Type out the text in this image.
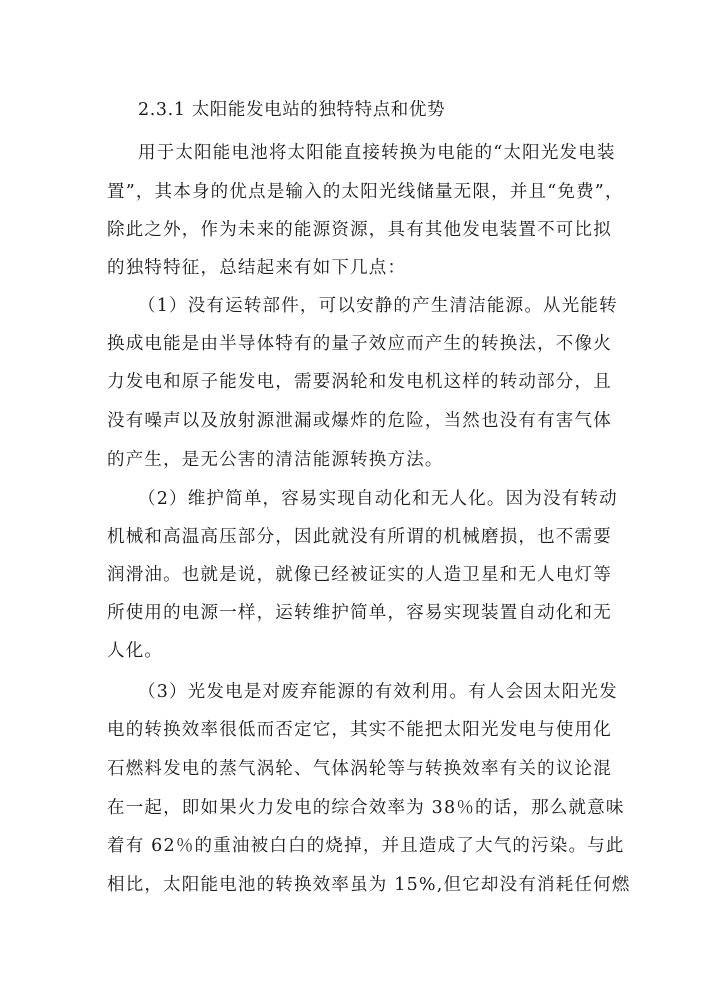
2.3.1 太阳能发电站的独特特点和优势
用于太阳能电池将太阳能直接转换为电能的“太阳光发电装
置”，其本身的优点是输入的太阳光线储量无限，并且“免费”，
除此之外，作为未来的能源资源，具有其他发电装置不可比拟
的独特特征，总结起来有如下几点：
（1）没有运转部件，可以安静的产生清洁能源。从光能转
换成电能是由半导体特有的量子效应而产生的转换法，不像火
力发电和原子能发电，需要涡轮和发电机这样的转动部分，且
没有噪声以及放射源泄漏或爆炸的危险，当然也没有有害气体
的产生，是无公害的清洁能源转换方法。
（2）维护简单，容易实现自动化和无人化。因为没有转动
机械和高温高压部分，因此就没有所谓的机械磨损，也不需要
润滑油。也就是说，就像已经被证实的人造卫星和无人电灯等
所使用的电源一样，运转维护简单，容易实现装置自动化和无
人化。
（3）光发电是对废弃能源的有效利用。有人会因太阳光发
电的转换效率很低而否定它，其实不能把太阳光发电与使用化
石燃料发电的蒸气涡轮、气体涡轮等与转换效率有关的议论混
在一起，即如果火力发电的综合效率为 38％的话，那么就意味
着有 62％的重油被白白的烧掉，并且造成了大气的污染。与此
相比，太阳能电池的转换效率虽为 15%,但它却没有消耗任何燃
